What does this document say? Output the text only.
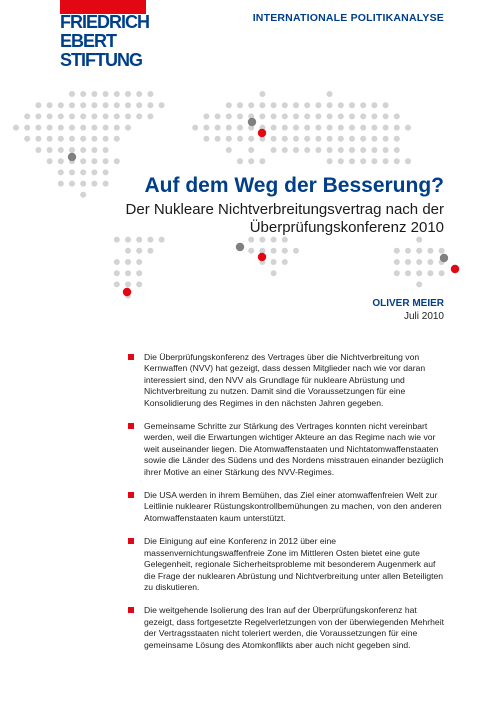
FRIEDRICH
EBERT
STIFTUNG
INTERNATIONALE POLITIKANALYSE
Auf dem Weg der Besserung?

Der Nukleare Nichtverbreitungsvertrag nach der Überprüfungskonferenz 2010

OLIVER MEIER
Juli 2010
Die Überprüfungskonferenz des Vertrages über die Nichtverbreitung von Kernwaffen (NVV) hat gezeigt, dass dessen Mitglieder nach wie vor daran interessiert sind, den NVV als Grundlage für nukleare Abrüstung und Nichtverbreitung zu nutzen. Damit sind die Voraussetzungen für eine Konsolidierung des Regimes in den nächsten Jahren gegeben.
Gemeinsame Schritte zur Stärkung des Vertrages konnten nicht vereinbart werden, weil die Erwartungen wichtiger Akteure an das Regime nach wie vor weit auseinander liegen. Die Atomwaffenstaaten und Nichtatomwaffenstaaten sowie die Länder des Südens und des Nordens misstrauen einander bezüglich ihrer Motive an einer Stärkung des NVV-Regimes.
Die USA werden in ihrem Bemühen, das Ziel einer atomwaffenfreien Welt zur Leitlinie nuklearer Rüstungskontrollbemühungen zu machen, von den anderen Atomwaffenstaaten kaum unterstützt.
Die Einigung auf eine Konferenz in 2012 über eine massenvernichtungswaffenfreie Zone im Mittleren Osten bietet eine gute Gelegenheit, regionale Sicherheitsprobleme mit besonderem Augenmerk auf die Frage der nuklearen Abrüstung und Nichtverbreitung unter allen Beteiligten zu diskutieren.
Die weitgehende Isolierung des Iran auf der Überprüfungskonferenz hat gezeigt, dass fortgesetzte Regelverletzungen von der überwiegenden Mehrheit der Vertragsstaaten nicht toleriert werden, die Voraussetzungen für eine gemeinsame Lösung des Atomkonflikts aber auch nicht gegeben sind.
